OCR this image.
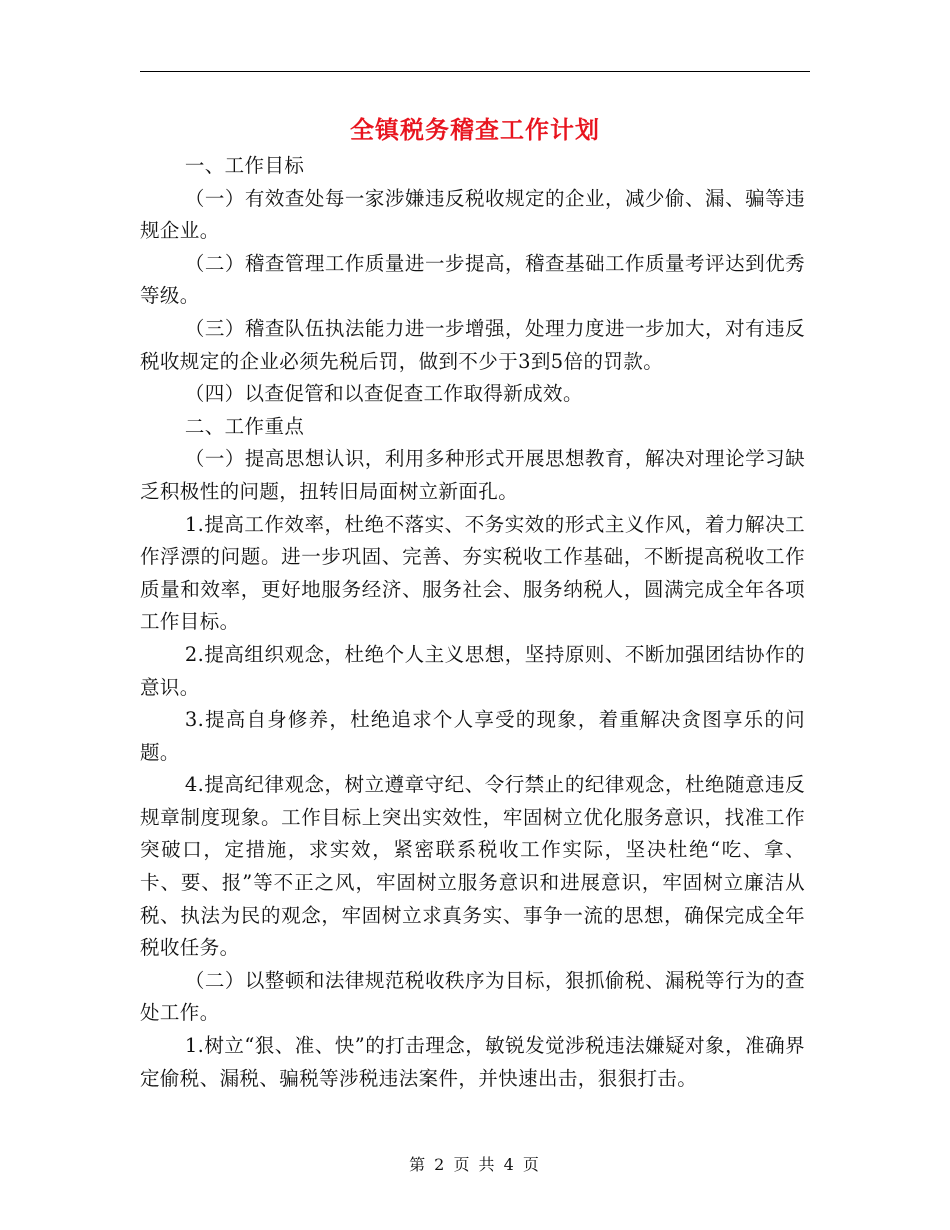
全镇税务稽查工作计划

一、工作目标

（一）有效查处每一家涉嫌违反税收规定的企业，减少偷、漏、骗等违规企业。

（二）稽查管理工作质量进一步提高，稽查基础工作质量考评达到优秀等级。

（三）稽查队伍执法能力进一步增强，处理力度进一步加大，对有违反税收规定的企业必须先税后罚，做到不少于3到5倍的罚款。

（四）以查促管和以查促查工作取得新成效。

二、工作重点

（一）提高思想认识，利用多种形式开展思想教育，解决对理论学习缺乏积极性的问题，扭转旧局面树立新面孔。

1.提高工作效率，杜绝不落实、不务实效的形式主义作风，着力解决工作浮漂的问题。进一步巩固、完善、夯实税收工作基础，不断提高税收工作质量和效率，更好地服务经济、服务社会、服务纳税人，圆满完成全年各项工作目标。

2.提高组织观念，杜绝个人主义思想，坚持原则、不断加强团结协作的意识。

3.提高自身修养，杜绝追求个人享受的现象，着重解决贪图享乐的问题。

4.提高纪律观念，树立遵章守纪、令行禁止的纪律观念，杜绝随意违反规章制度现象。工作目标上突出实效性，牢固树立优化服务意识，找准工作突破口，定措施，求实效，紧密联系税收工作实际，坚决杜绝“吃、拿、卡、要、报”等不正之风，牢固树立服务意识和进展意识，牢固树立廉洁从税、执法为民的观念，牢固树立求真务实、事争一流的思想，确保完成全年税收任务。

（二）以整顿和法律规范税收秩序为目标，狠抓偷税、漏税等行为的查处工作。

1.树立“狠、准、快”的打击理念，敏锐发觉涉税违法嫌疑对象，准确界定偷税、漏税、骗税等涉税违法案件，并快速出击，狠狠打击。

第 2 页 共 4 页
